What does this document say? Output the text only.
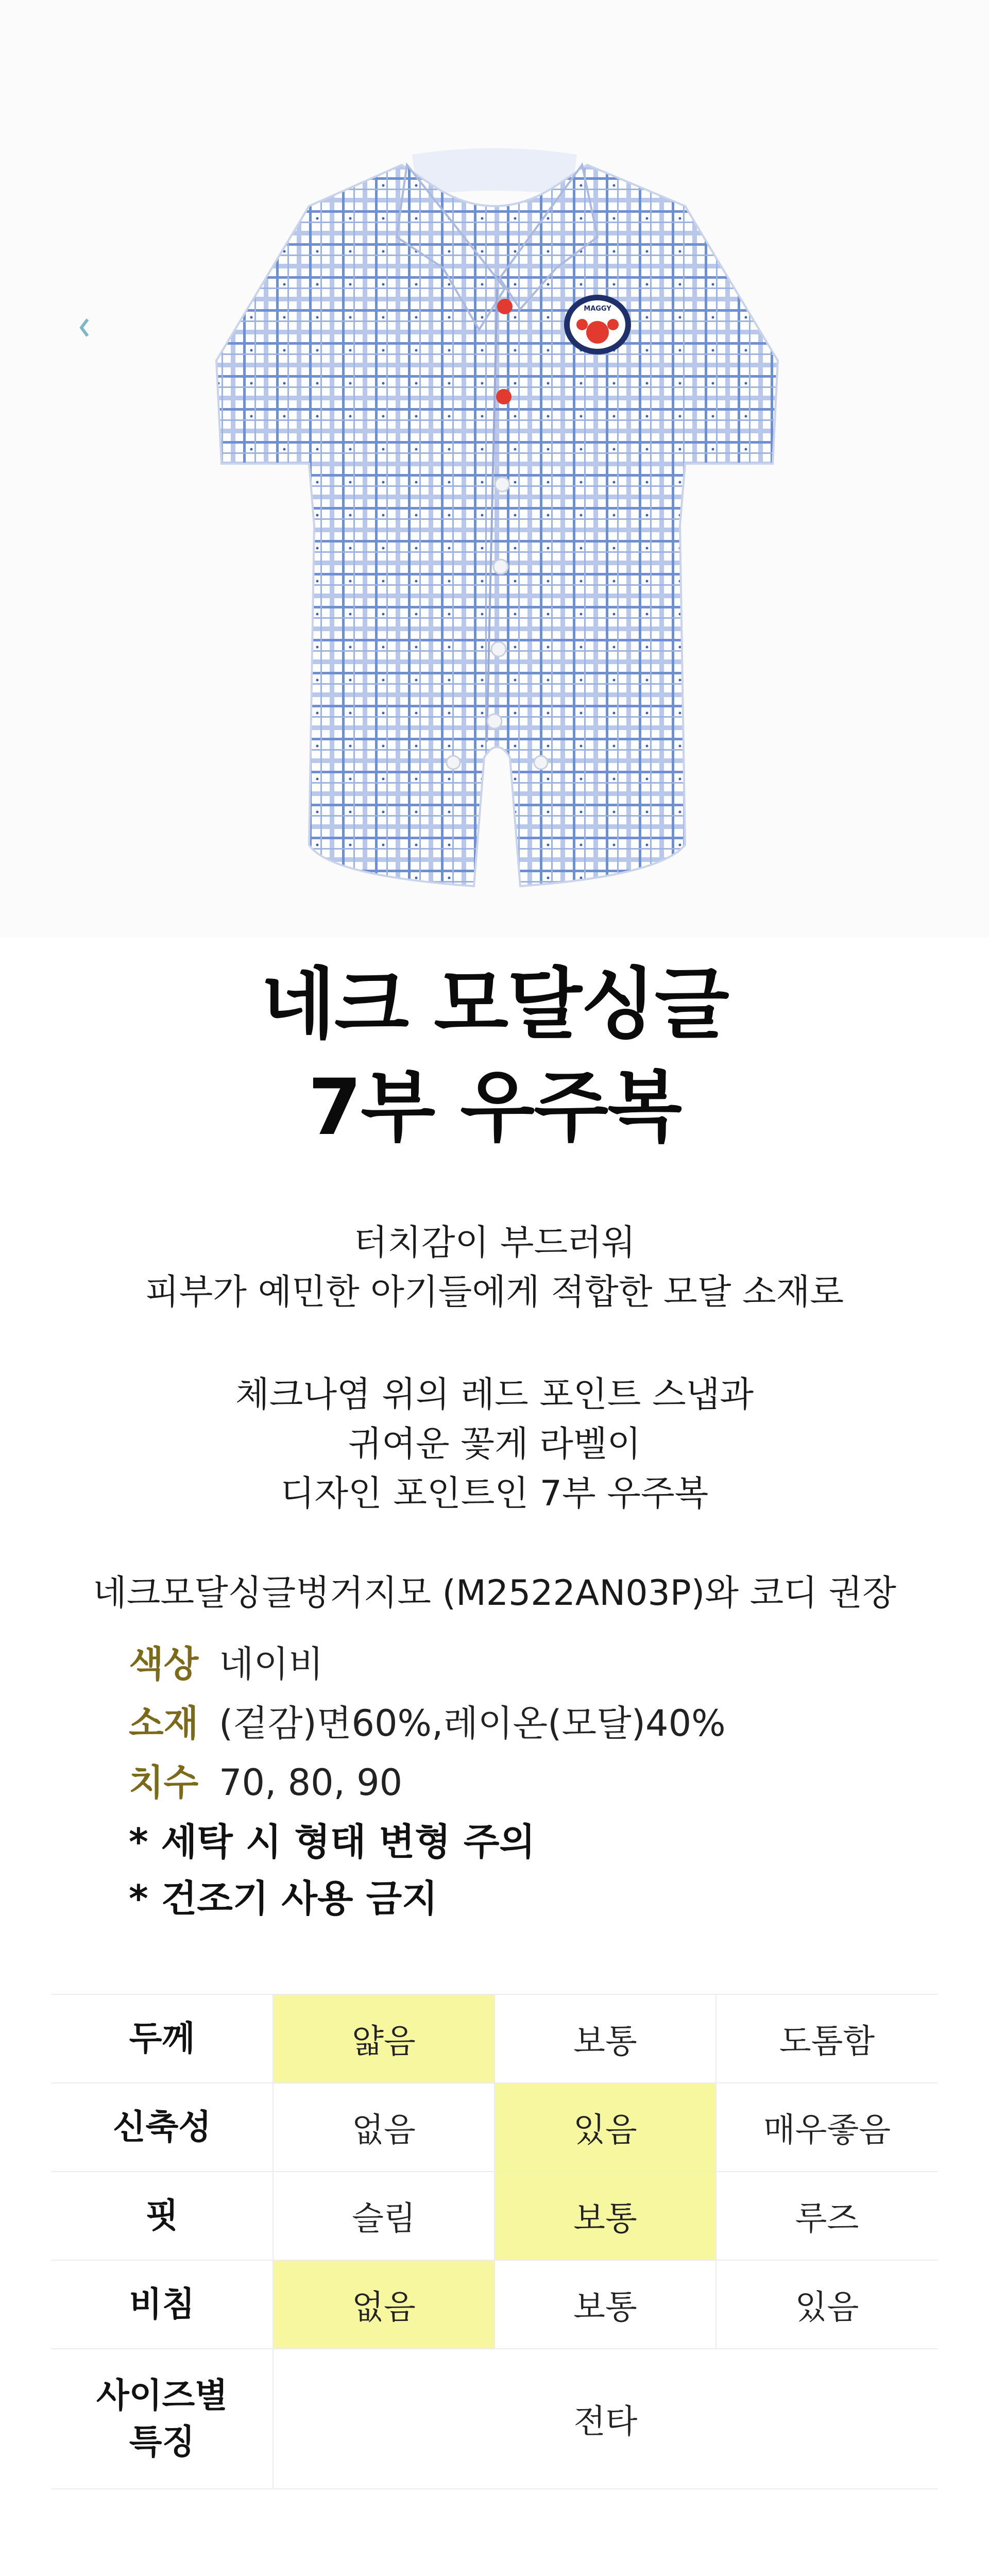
MAGGY
네크 모달싱글
7부 우주복
터치감이 부드러워
피부가 예민한 아기들에게 적합한 모달 소재로
체크나염 위의 레드 포인트 스냅과
귀여운 꽃게 라벨이
디자인 포인트인 7부 우주복
네크모달싱글벙거지모 (M2522AN03P)와 코디 권장
색상 네이비
소재 (겉감)면60%,레이온(모달)40%
치수 70, 80, 90
* 세탁 시 형태 변형 주의
* 건조기 사용 금지
두께	얇음	보통	도톰함
신축성	없음	있음	매우좋음
핏	슬림	보통	루즈
비침	없음	보통	있음

사이즈별
특징	전타		
